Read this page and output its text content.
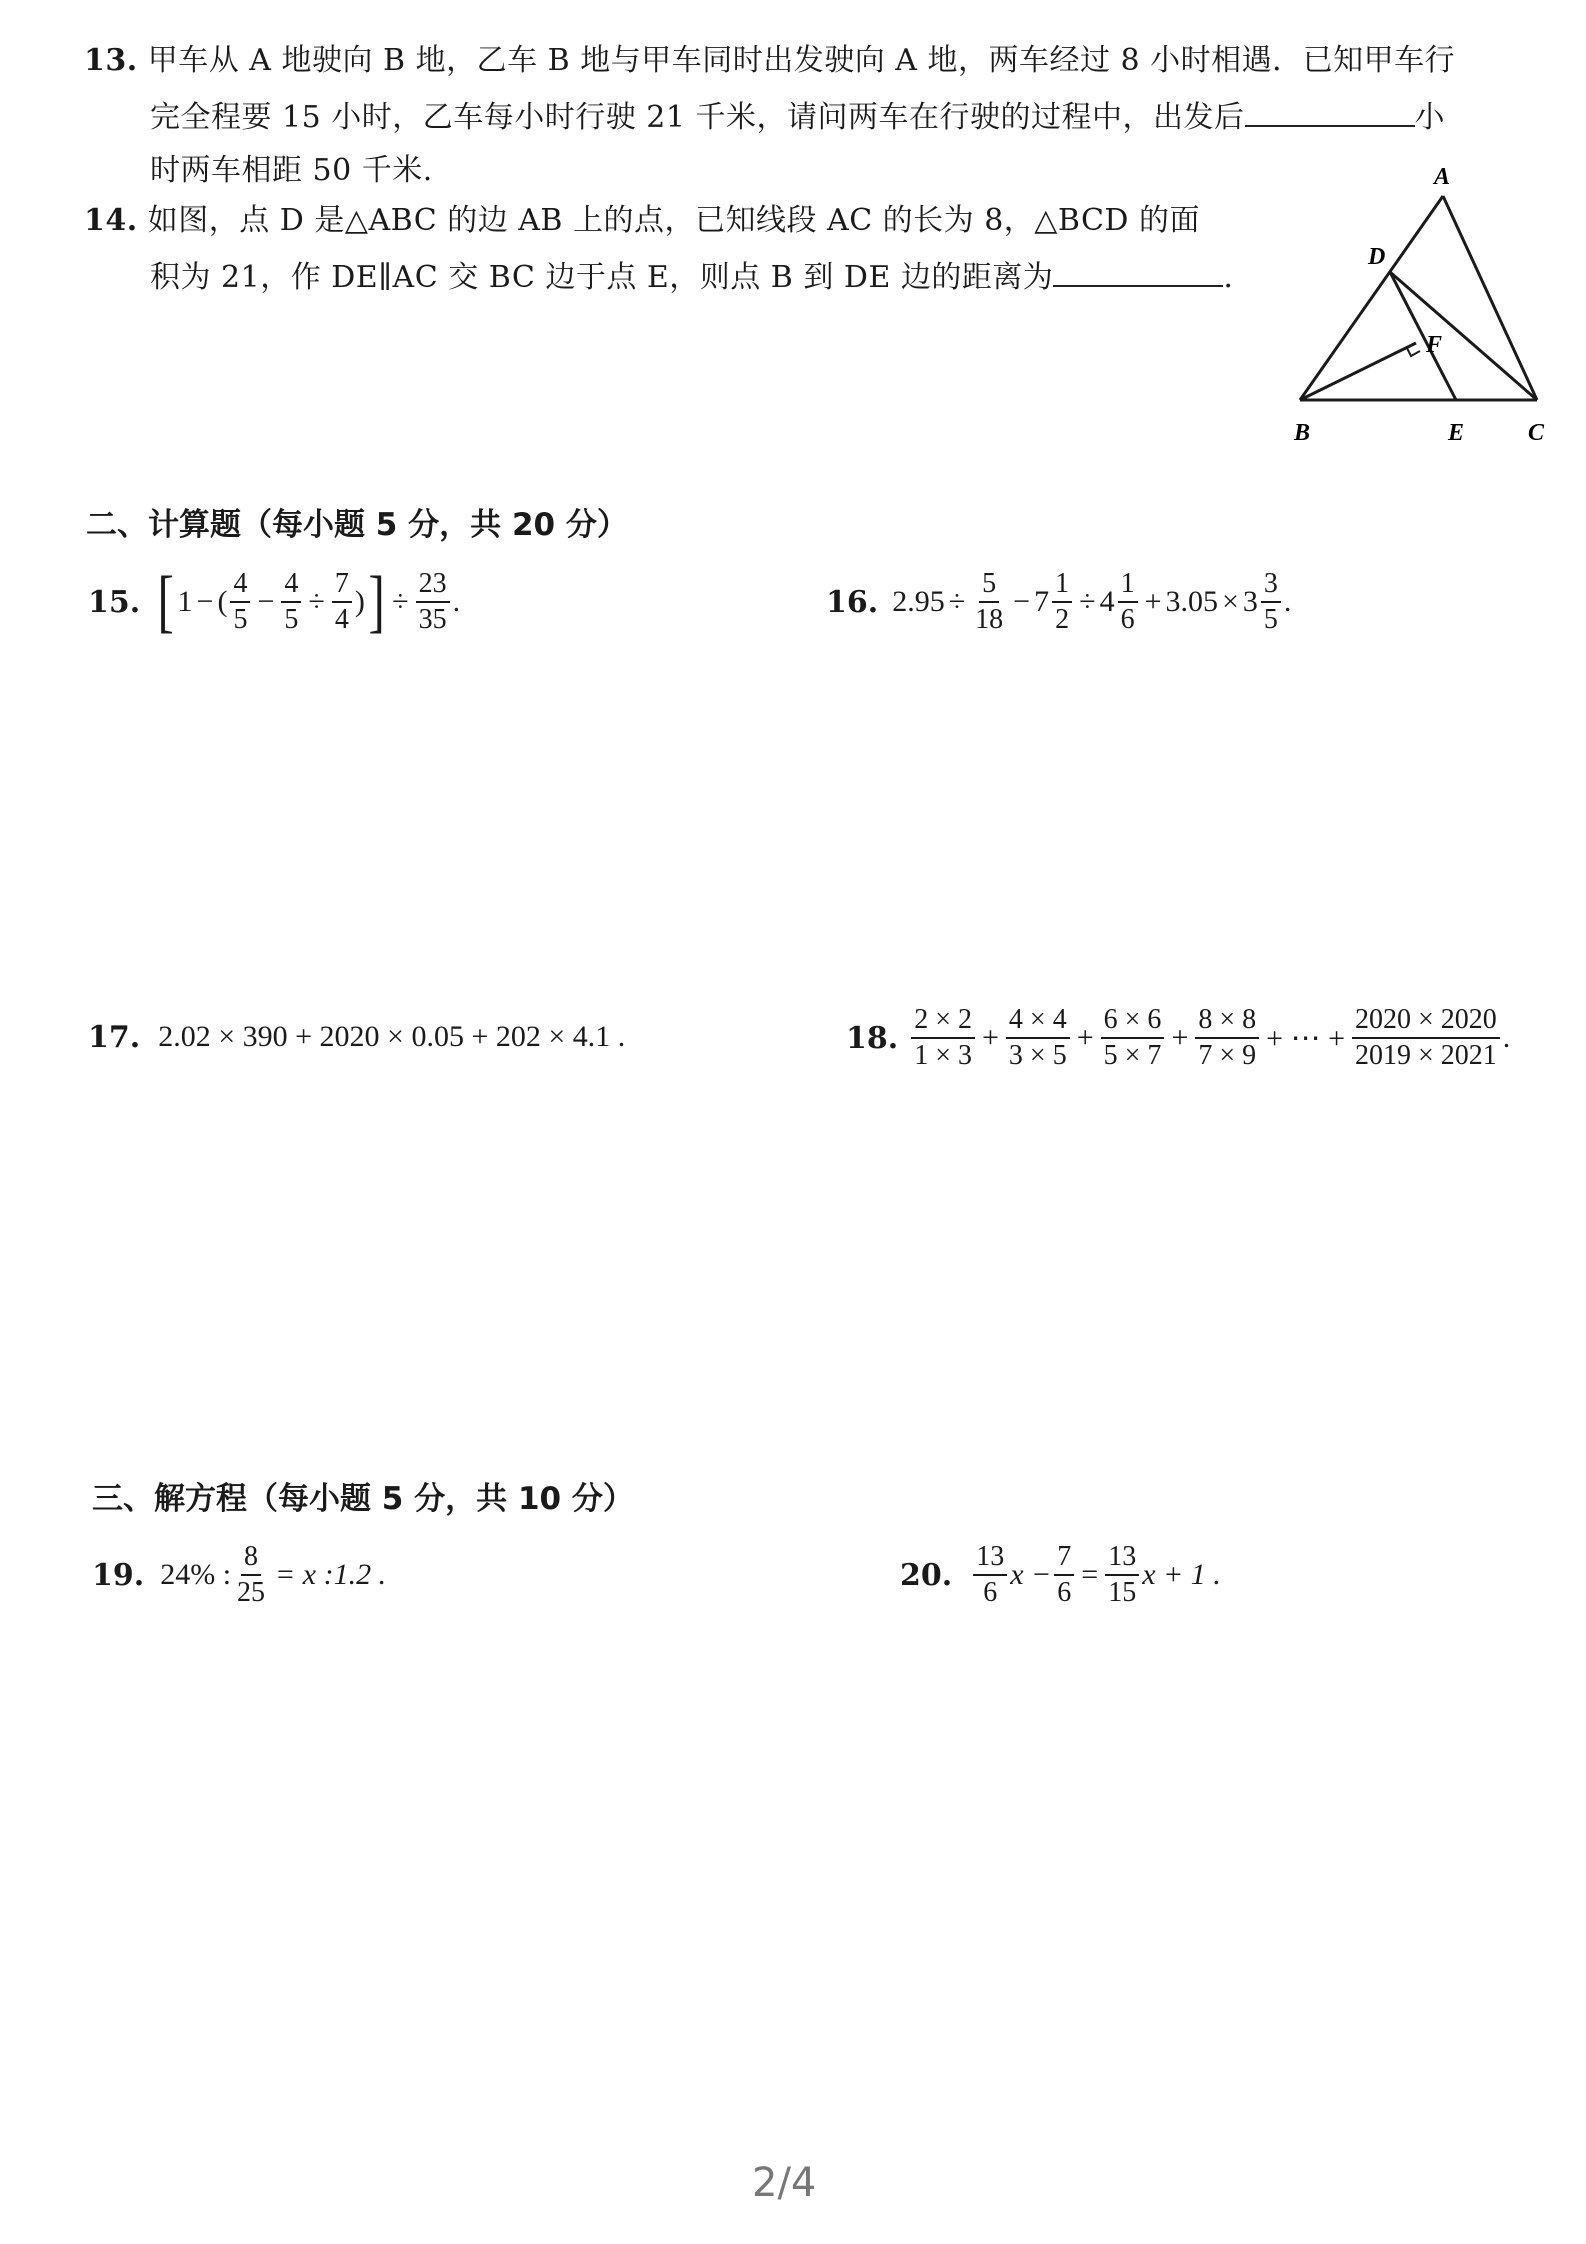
13. 甲车从 A 地驶向 B 地，乙车 B 地与甲车同时出发驶向 A 地，两车经过 8 小时相遇．已知甲车行
完全程要 15 小时，乙车每小时行驶 21 千米，请问两车在行驶的过程中，出发后	小
时两车相距 50 千米.
14. 如图，点 D 是△ABC 的边 AB 上的点，已知线段 AC 的长为 8，△BCD 的面
积为 21，作 DE∥AC 交 BC 边于点 E，则点 B 到 DE 边的距离为	.
A
D
F
B	E	C
二、计算题（每小题 5 分，共 20 分）
15. [ 1 − ( $\frac{4}{5} - \frac{4}{5} \div \frac{7}{4}$ ) ] ÷ $\frac{23}{35}$ .	16. $2.95 \div \frac{5}{18} - 7 \frac{1}{2} \div 4 \frac{1}{6} + 3.05 \times 3 \frac{3}{5}$ .
17. 2.02 × 390 + 2020 × 0.05 + 202 × 4.1 .	18. $\frac{2 \times 2}{1 \times 3} + \frac{4 \times 4}{3 \times 5} + \frac{6 \times 6}{5 \times 7} + \frac{8 \times 8}{7 \times 9}$ + ⋯ + $\frac{2020 \times 2020}{2019 \times 2021}$ .
三、解方程（每小题 5 分，共 10 分）
19. 24% : $\frac{8}{25} = x$ :1.2 .	20. $\frac{13}{6}$ $x - \frac{7}{6} = \frac{13}{15}$ x + 1 .
2/4
